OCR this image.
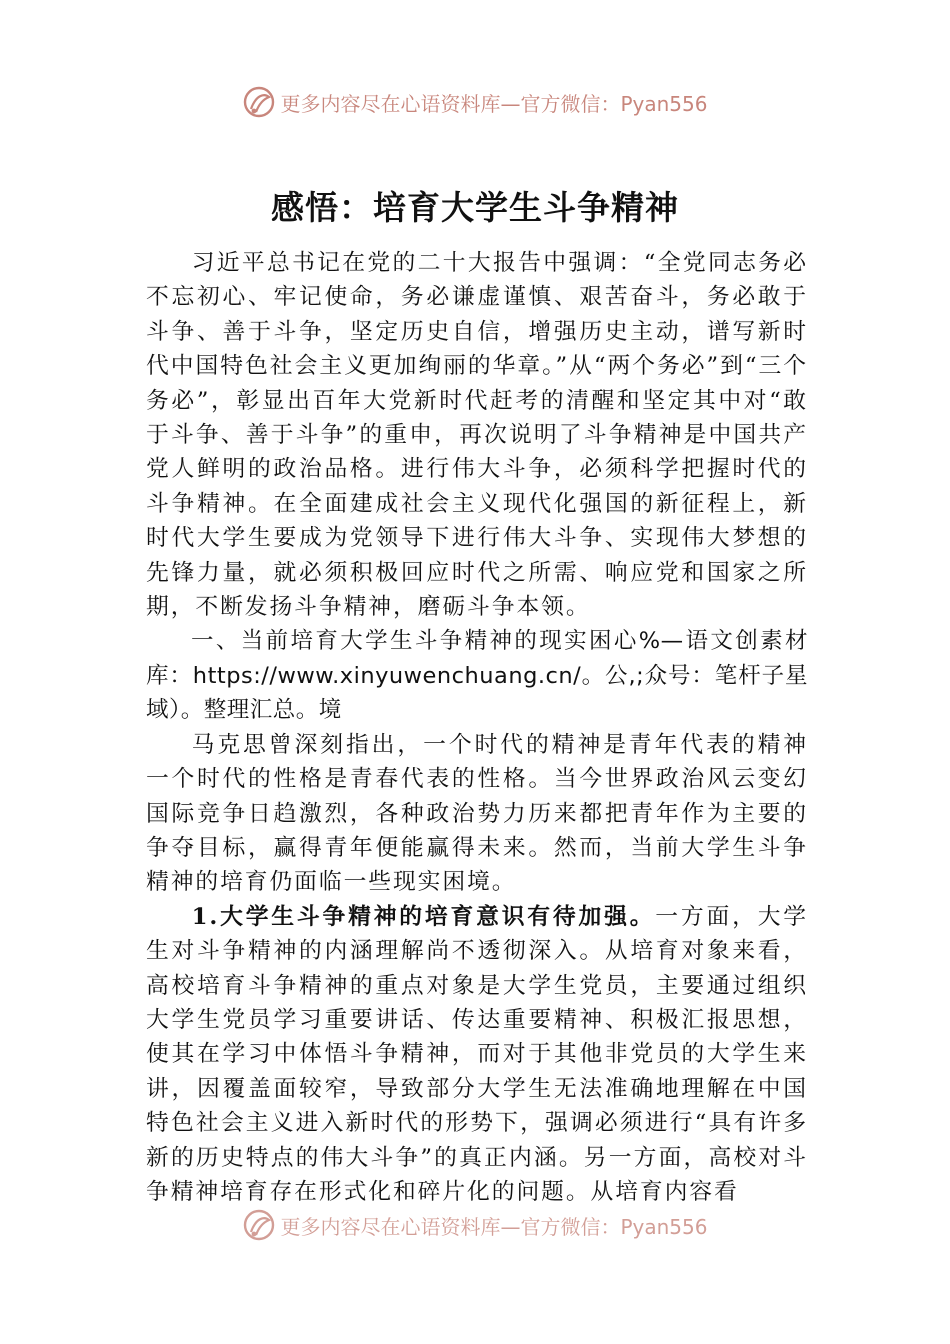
更多内容尽在心语资料库—官方微信：Pyan556
感悟：培育大学生斗争精神

习近平总书记在党的二十大报告中强调：“全党同志务必不忘初心、牢记使命，务必谦虚谨慎、艰苦奋斗，务必敢于斗争、善于斗争，坚定历史自信，增强历史主动，谱写新时代中国特色社会主义更加绚丽的华章。”从“两个务必”到“三个务必”，彰显出百年大党新时代赶考的清醒和坚定其中对“敢于斗争、善于斗争”的重申，再次说明了斗争精神是中国共产党人鲜明的政治品格。进行伟大斗争，必须科学把握时代的斗争精神。在全面建成社会主义现代化强国的新征程上，新时代大学生要成为党领导下进行伟大斗争、实现伟大梦想的先锋力量，就必须积极回应时代之所需、响应党和国家之所期，不断发扬斗争精神，磨砺斗争本领。

一、当前培育大学生斗争精神的现实困心%—语文创素材库：https://www.xinyuwenchuang.cn/。公,;众号：笔杆子星域）。整理汇总。境

马克思曾深刻指出，一个时代的精神是青年代表的精神一个时代的性格是青春代表的性格。当今世界政治风云变幻国际竞争日趋激烈，各种政治势力历来都把青年作为主要的争夺目标，赢得青年便能赢得未来。然而，当前大学生斗争精神的培育仍面临一些现实困境。

1.大学生斗争精神的培育意识有待加强。一方面，大学生对斗争精神的内涵理解尚不透彻深入。从培育对象来看，高校培育斗争精神的重点对象是大学生党员，主要通过组织大学生党员学习重要讲话、传达重要精神、积极汇报思想，使其在学习中体悟斗争精神，而对于其他非党员的大学生来讲，因覆盖面较窄，导致部分大学生无法准确地理解在中国特色社会主义进入新时代的形势下，强调必须进行“具有许多新的历史特点的伟大斗争”的真正内涵。另一方面，高校对斗争精神培育存在形式化和碎片化的问题。从培育内容看

更多内容尽在心语资料库—官方微信：Pyan556
